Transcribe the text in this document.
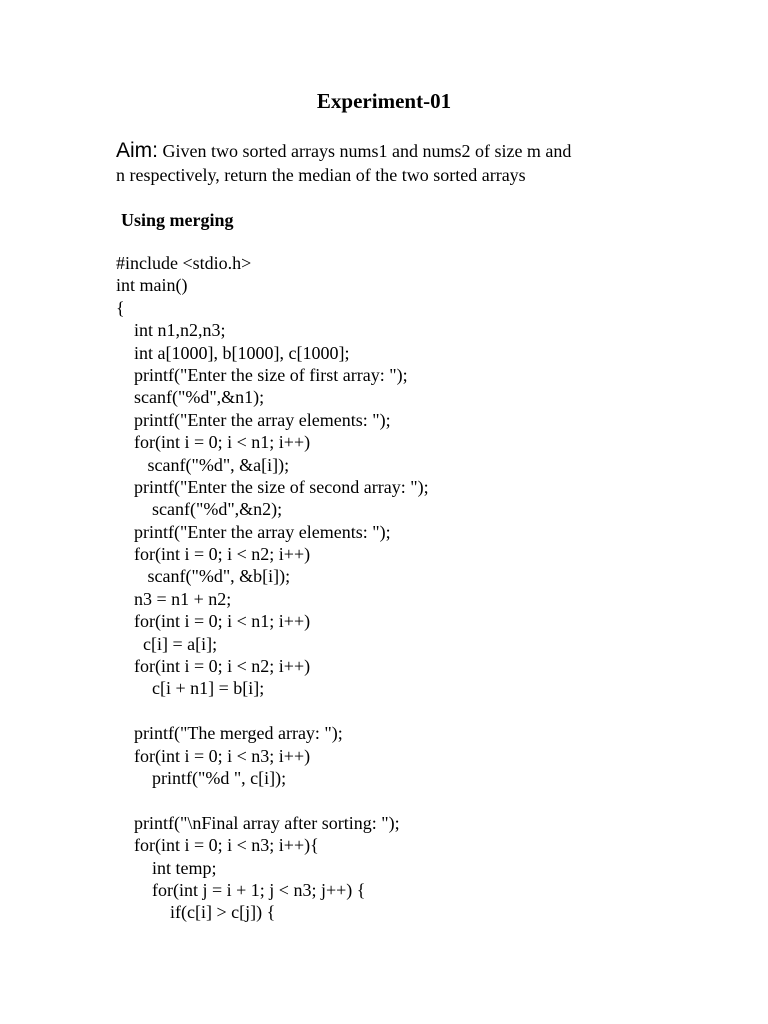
Experiment-01
Aim: Given two sorted arrays nums1 and nums2 of size m and
n respectively, return the median of the two sorted arrays
Using merging
#include <stdio.h>
int main()
{
int n1,n2,n3;
int a[1000], b[1000], c[1000];
printf("Enter the size of first array: ");
scanf("%d",&n1);
printf("Enter the array elements: ");
for(int i = 0; i < n1; i++)
scanf("%d", &a[i]);
printf("Enter the size of second array: ");
scanf("%d",&n2);
printf("Enter the array elements: ");
for(int i = 0; i < n2; i++)
scanf("%d", &b[i]);
n3 = n1 + n2;
for(int i = 0; i < n1; i++)
c[i] = a[i];
for(int i = 0; i < n2; i++)
c[i + n1] = b[i];
printf("The merged array: ");
for(int i = 0; i < n3; i++)
printf("%d ", c[i]);
printf("\nFinal array after sorting: ");
for(int i = 0; i < n3; i++){
int temp;
for(int j = i + 1; j < n3; j++) {
if(c[i] > c[j]) {
